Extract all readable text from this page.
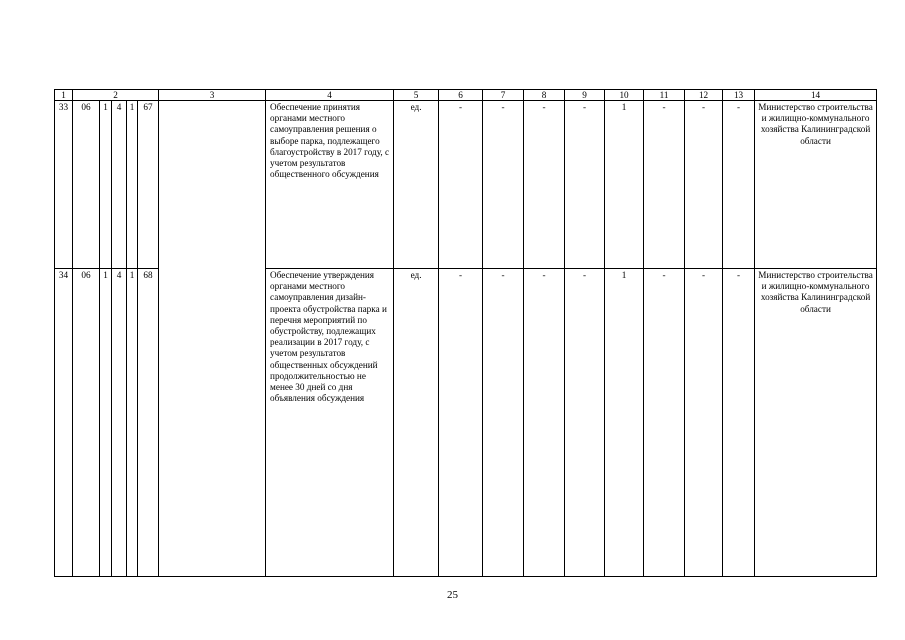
1	2					3	4	5	6	7	8	9	10	11	12	13	14
33	06	1	4	1	67		Обеспечение принятия органами местного самоуправления решения о выборе парка, подлежащего благоустройству в 2017 году, с учетом результатов общественного обсуждения	ед.	-	-	-	-	1	-	-	-	Министерство строительства и жилищно-коммунального хозяйства Калининградской области
34	06	1	4	1	68		Обеспечение утверждения органами местного самоуправления дизайн-проекта обустройства парка и перечня мероприятий по обустройству, подлежащих реализации в 2017 году, с учетом результатов общественных обсуждений продолжительностью не менее 30 дней со дня объявления обсуждения	ед.	-	-	-	-	1	-	-	-	Министерство строительства и жилищно-коммунального хозяйства Калининградской области
25
